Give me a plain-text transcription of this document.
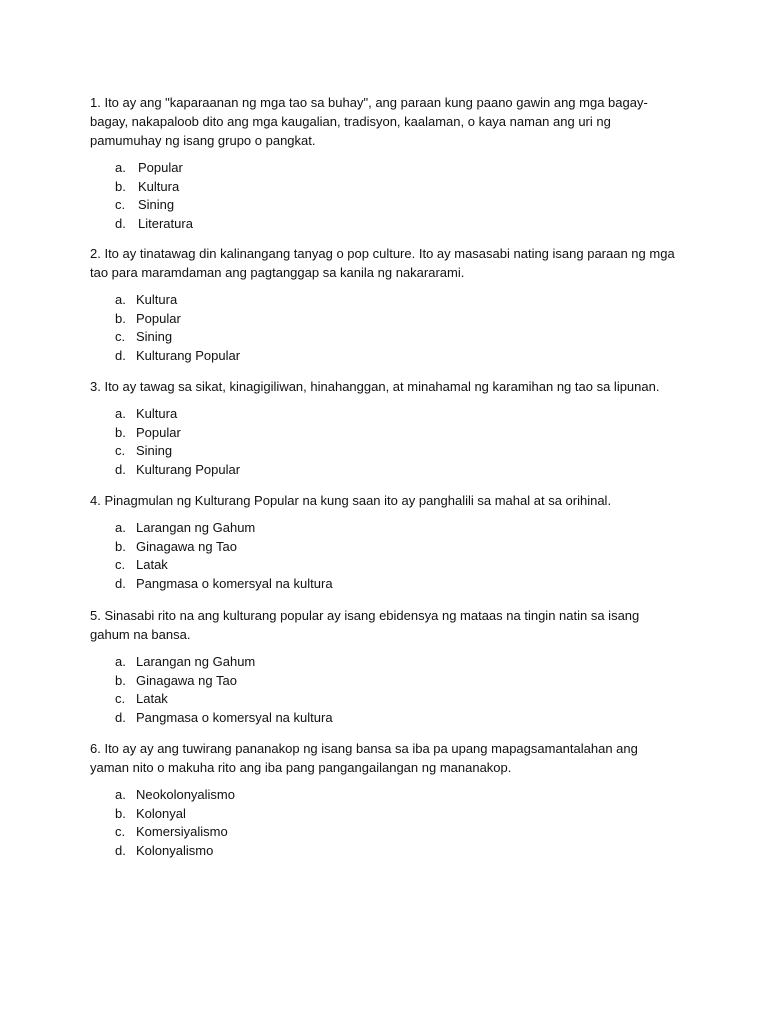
1. Ito ay ang "kaparaanan ng mga tao sa buhay", ang paraan kung paano gawin ang mga bagay-bagay, nakapaloob dito ang mga kaugalian, tradisyon, kaalaman, o kaya naman ang uri ng pamumuhay ng isang grupo o pangkat.

a. Popular
b. Kultura
c. Sining
d. Literatura

2. Ito ay tinatawag din kalinangang tanyag o pop culture. Ito ay masasabi nating isang paraan ng mga tao para maramdaman ang pagtanggap sa kanila ng nakararami.

a. Kultura
b. Popular
c. Sining
d. Kulturang Popular

3. Ito ay tawag sa sikat, kinagigiliwan, hinahanggan, at minahamal ng karamihan ng tao sa lipunan.

a. Kultura
b. Popular
c. Sining
d. Kulturang Popular

4. Pinagmulan ng Kulturang Popular na kung saan ito ay panghalili sa mahal at sa orihinal.

a. Larangan ng Gahum
b. Ginagawa ng Tao
c. Latak
d. Pangmasa o komersyal na kultura

5. Sinasabi rito na ang kulturang popular ay isang ebidensya ng mataas na tingin natin sa isang gahum na bansa.

a. Larangan ng Gahum
b. Ginagawa ng Tao
c. Latak
d. Pangmasa o komersyal na kultura

6. Ito ay ay ang tuwirang pananakop ng isang bansa sa iba pa upang mapagsamantalahan ang yaman nito o makuha rito ang iba pang pangangailangan ng mananakop.

a. Neokolonyalismo
b. Kolonyal
c. Komersiyalismo
d. Kolonyalismo
